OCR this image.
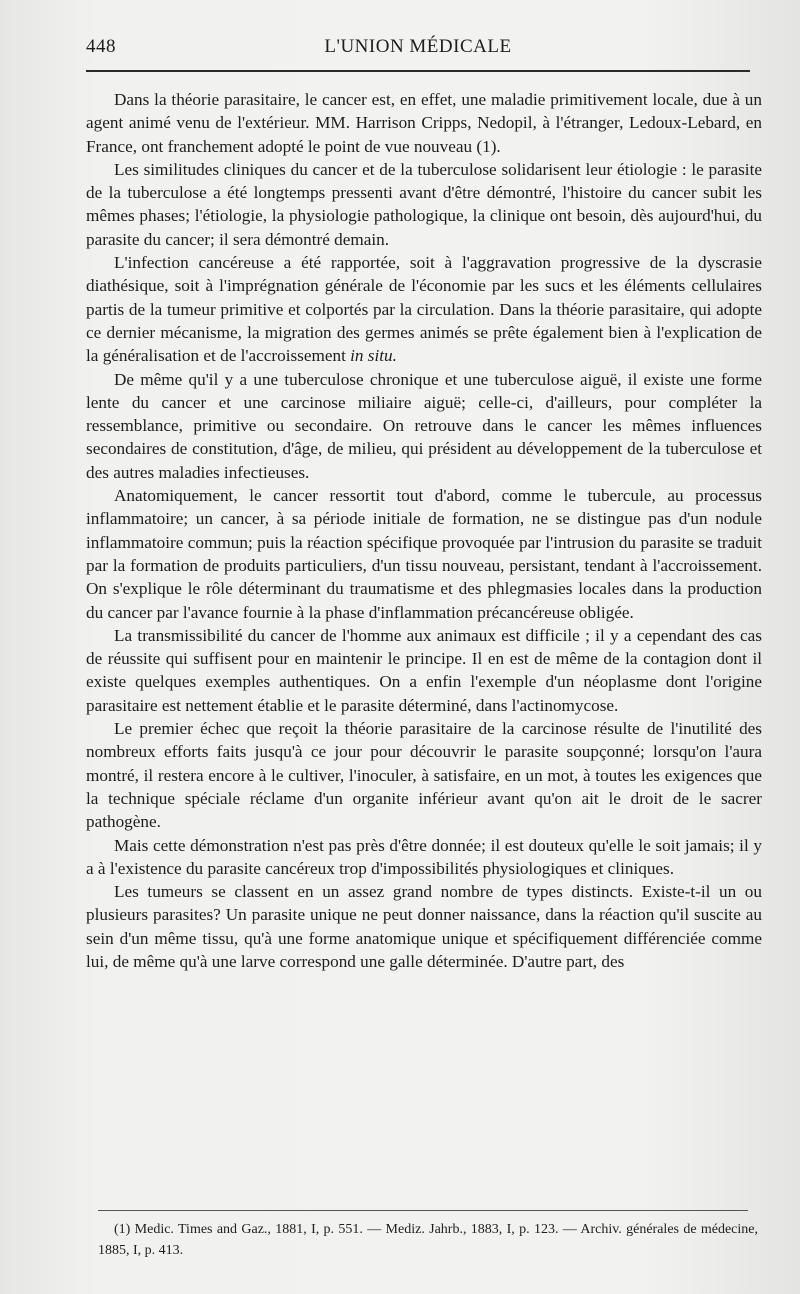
448	L'UNION MÉDICALE

Dans la théorie parasitaire, le cancer est, en effet, une maladie primitivement locale, due à un agent animé venu de l'extérieur. MM. Harrison Cripps, Nedopil, à l'étranger, Ledoux-Lebard, en France, ont franchement adopté le point de vue nouveau (1).

Les similitudes cliniques du cancer et de la tuberculose solidarisent leur étiologie : le parasite de la tuberculose a été longtemps pressenti avant d'être démontré, l'histoire du cancer subit les mêmes phases; l'étiologie, la physiologie pathologique, la clinique ont besoin, dès aujourd'hui, du parasite du cancer; il sera démontré demain.

L'infection cancéreuse a été rapportée, soit à l'aggravation progressive de la dyscrasie diathésique, soit à l'imprégnation générale de l'économie par les sucs et les éléments cellulaires partis de la tumeur primitive et colportés par la circulation. Dans la théorie parasitaire, qui adopte ce dernier mécanisme, la migration des germes animés se prête également bien à l'explication de la généralisation et de l'accroissement in situ.

De même qu'il y a une tuberculose chronique et une tuberculose aiguë, il existe une forme lente du cancer et une carcinose miliaire aiguë; celle-ci, d'ailleurs, pour compléter la ressemblance, primitive ou secondaire. On retrouve dans le cancer les mêmes influences secondaires de constitution, d'âge, de milieu, qui président au développement de la tuberculose et des autres maladies infectieuses.

Anatomiquement, le cancer ressortit tout d'abord, comme le tubercule, au processus inflammatoire; un cancer, à sa période initiale de formation, ne se distingue pas d'un nodule inflammatoire commun; puis la réaction spécifique provoquée par l'intrusion du parasite se traduit par la formation de produits particuliers, d'un tissu nouveau, persistant, tendant à l'accroissement. On s'explique le rôle déterminant du traumatisme et des phlegmasies locales dans la production du cancer par l'avance fournie à la phase d'inflammation précancéreuse obligée.

La transmissibilité du cancer de l'homme aux animaux est difficile ; il y a cependant des cas de réussite qui suffisent pour en maintenir le principe. Il en est de même de la contagion dont il existe quelques exemples authentiques. On a enfin l'exemple d'un néoplasme dont l'origine parasitaire est nettement établie et le parasite déterminé, dans l'actinomycose.

Le premier échec que reçoit la théorie parasitaire de la carcinose résulte de l'inutilité des nombreux efforts faits jusqu'à ce jour pour découvrir le parasite soupçonné; lorsqu'on l'aura montré, il restera encore à le cultiver, l'inoculer, à satisfaire, en un mot, à toutes les exigences que la technique spéciale réclame d'un organite inférieur avant qu'on ait le droit de le sacrer pathogène.

Mais cette démonstration n'est pas près d'être donnée; il est douteux qu'elle le soit jamais; il y a à l'existence du parasite cancéreux trop d'impossibilités physiologiques et cliniques.

Les tumeurs se classent en un assez grand nombre de types distincts. Existe-t-il un ou plusieurs parasites? Un parasite unique ne peut donner naissance, dans la réaction qu'il suscite au sein d'un même tissu, qu'à une forme anatomique unique et spécifiquement différenciée comme lui, de même qu'à une larve correspond une galle déterminée. D'autre part, des

(1) Medic. Times and Gaz., 1881, I, p. 551. — Mediz. Jahrb., 1883, I, p. 123. — Archiv. générales de médecine, 1885, I, p. 413.
